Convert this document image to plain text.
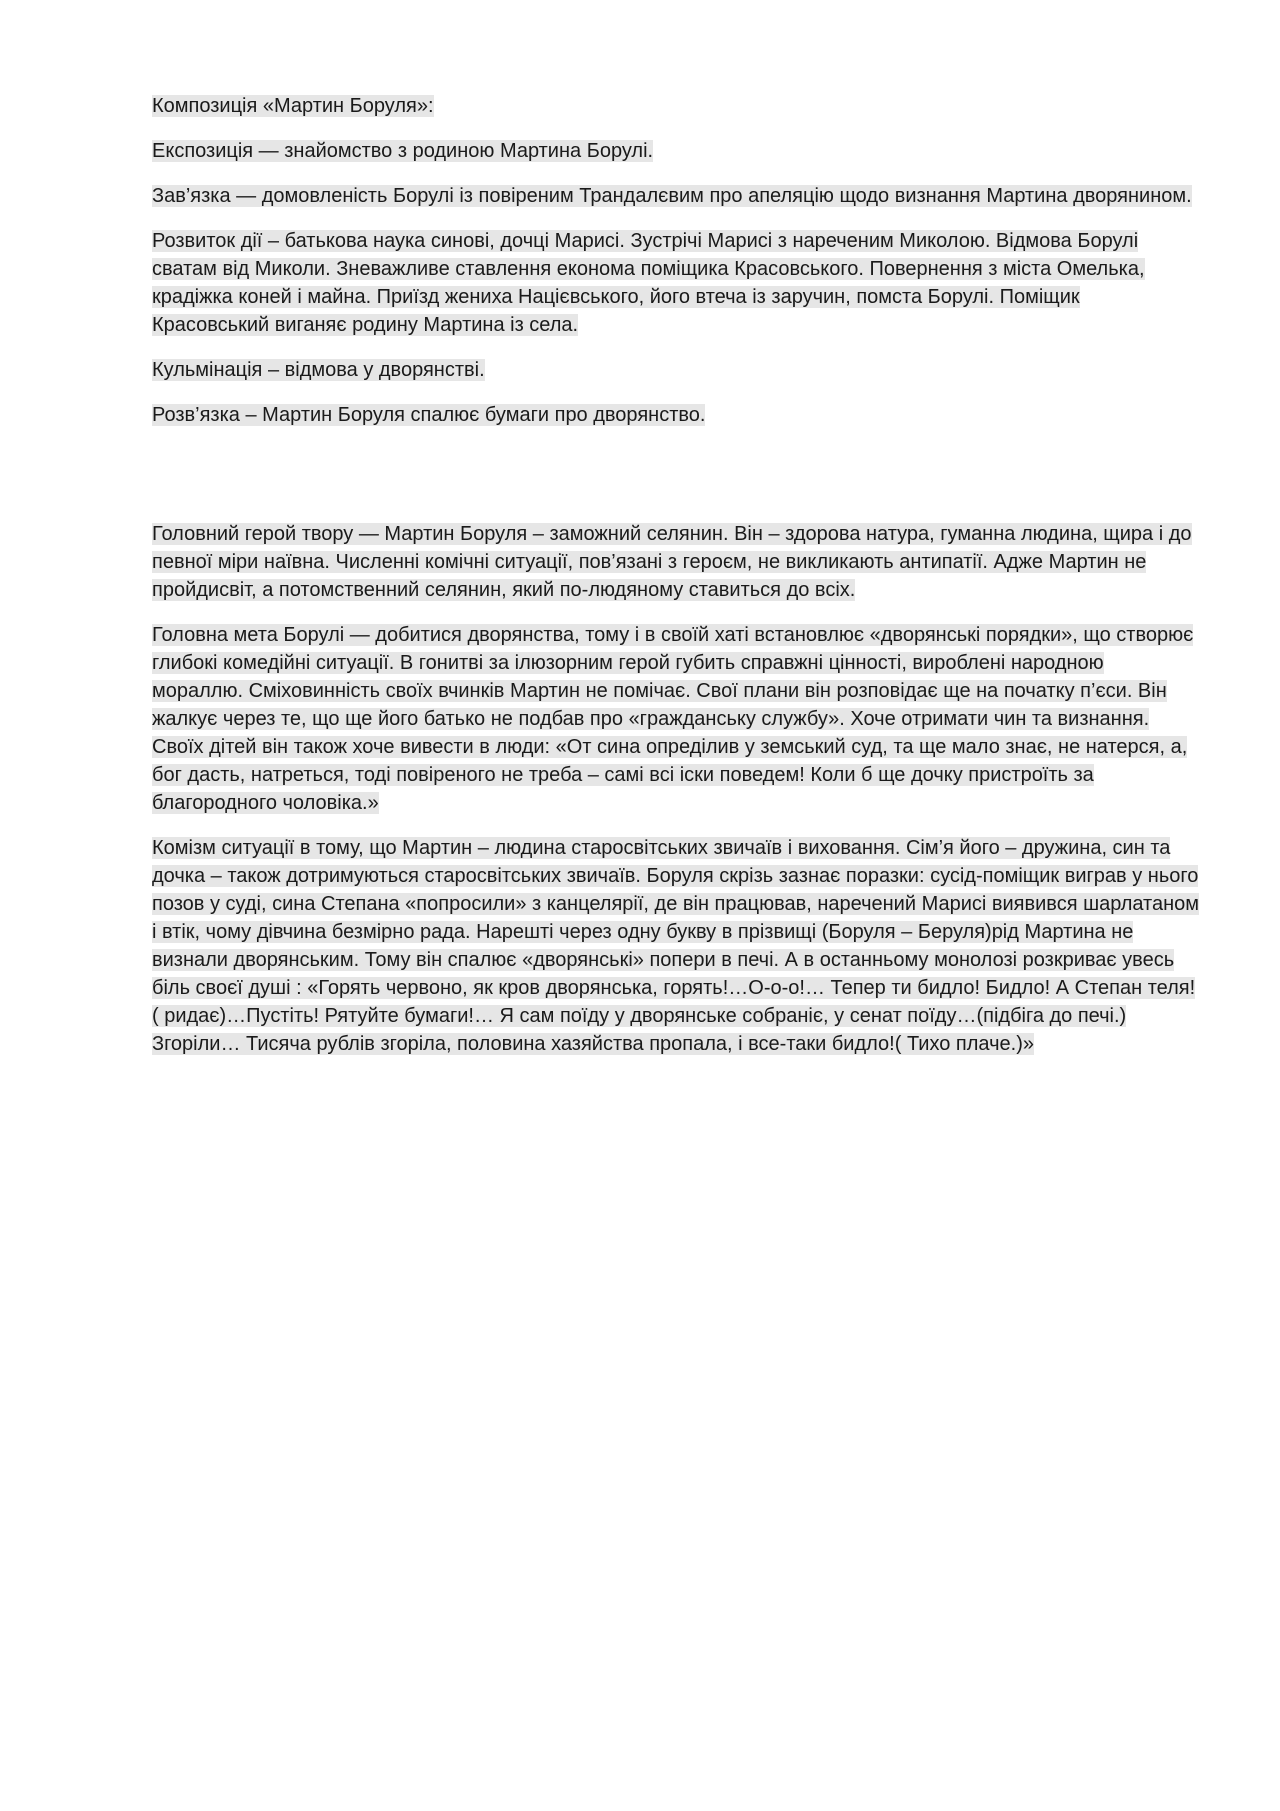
Композиція «Мартин Боруля»:

Експозиція — знайомство з родиною Мартина Борулі.

Зав’язка — домовленість Борулі із повіреним Трандалєвим про апеляцію щодо визнання Мартина дворянином.

Розвиток дії – батькова наука синові, дочці Марисі. Зустрічі Марисі з нареченим Миколою. Відмова Борулі сватам від Миколи. Зневажливе ставлення економа поміщика Красовського. Повернення з міста Омелька, крадіжка коней і майна. Приїзд жениха Націєвського, його втеча із заручин, помста Борулі. Поміщик Красовський виганяє родину Мартина із села.

Кульмінація – відмова у дворянстві.

Розв’язка – Мартин Боруля спалює бумаги про дворянство.

Головний герой твору — Мартин Боруля – заможний селянин. Він – здорова натура, гуманна людина, щира і до певної міри наївна. Численні комічні ситуації, пов’язані з героєм, не викликають антипатії. Адже Мартин не пройдисвіт, а потомственний селянин, який по-людяному ставиться до всіх.

Головна мета Борулі — добитися дворянства, тому і в своїй хаті встановлює «дворянські порядки», що створює глибокі комедійні ситуації. В гонитві за ілюзорним герой губить справжні цінності, вироблені народною мораллю. Сміховинність своїх вчинків Мартин не помічає. Свої плани він розповідає ще на початку п’єси. Він жалкує через те, що ще його батько не подбав про «гражданську службу». Хоче отримати чин та визнання. Своїх дітей він також хоче вивести в люди: «От сина опреділив у земський суд, та ще мало знає, не натерся, а, бог дасть, натреться, тоді повіреного не треба – самі всі іски поведем! Коли б ще дочку пристроїть за благородного чоловіка.»

Комізм ситуації в тому, що Мартин – людина старосвітських звичаїв і виховання. Сім’я його – дружина, син та дочка – також дотримуються старосвітських звичаїв. Боруля скрізь зазнає поразки: сусід-поміщик виграв у нього позов у суді, сина Степана «попросили» з канцелярії, де він працював, наречений Марисі виявився шарлатаном і втік, чому дівчина безмірно рада. Нарешті через одну букву в прізвищі (Боруля – Беруля)рід Мартина не визнали дворянським. Тому він спалює «дворянські» попери в печі. А в останньому монолозі розкриває увесь біль своєї душі : «Горять червоно, як кров дворянська, горять!…О-о-о!… Тепер ти бидло! Бидло! А Степан теля! ( ридає)…Пустіть! Рятуйте бумаги!… Я сам поїду у дворянське собраніє, у сенат поїду…(підбіга до печі.) Згоріли… Тисяча рублів згоріла, половина хазяйства пропала, і все-таки бидло!( Тихо плаче.)»
